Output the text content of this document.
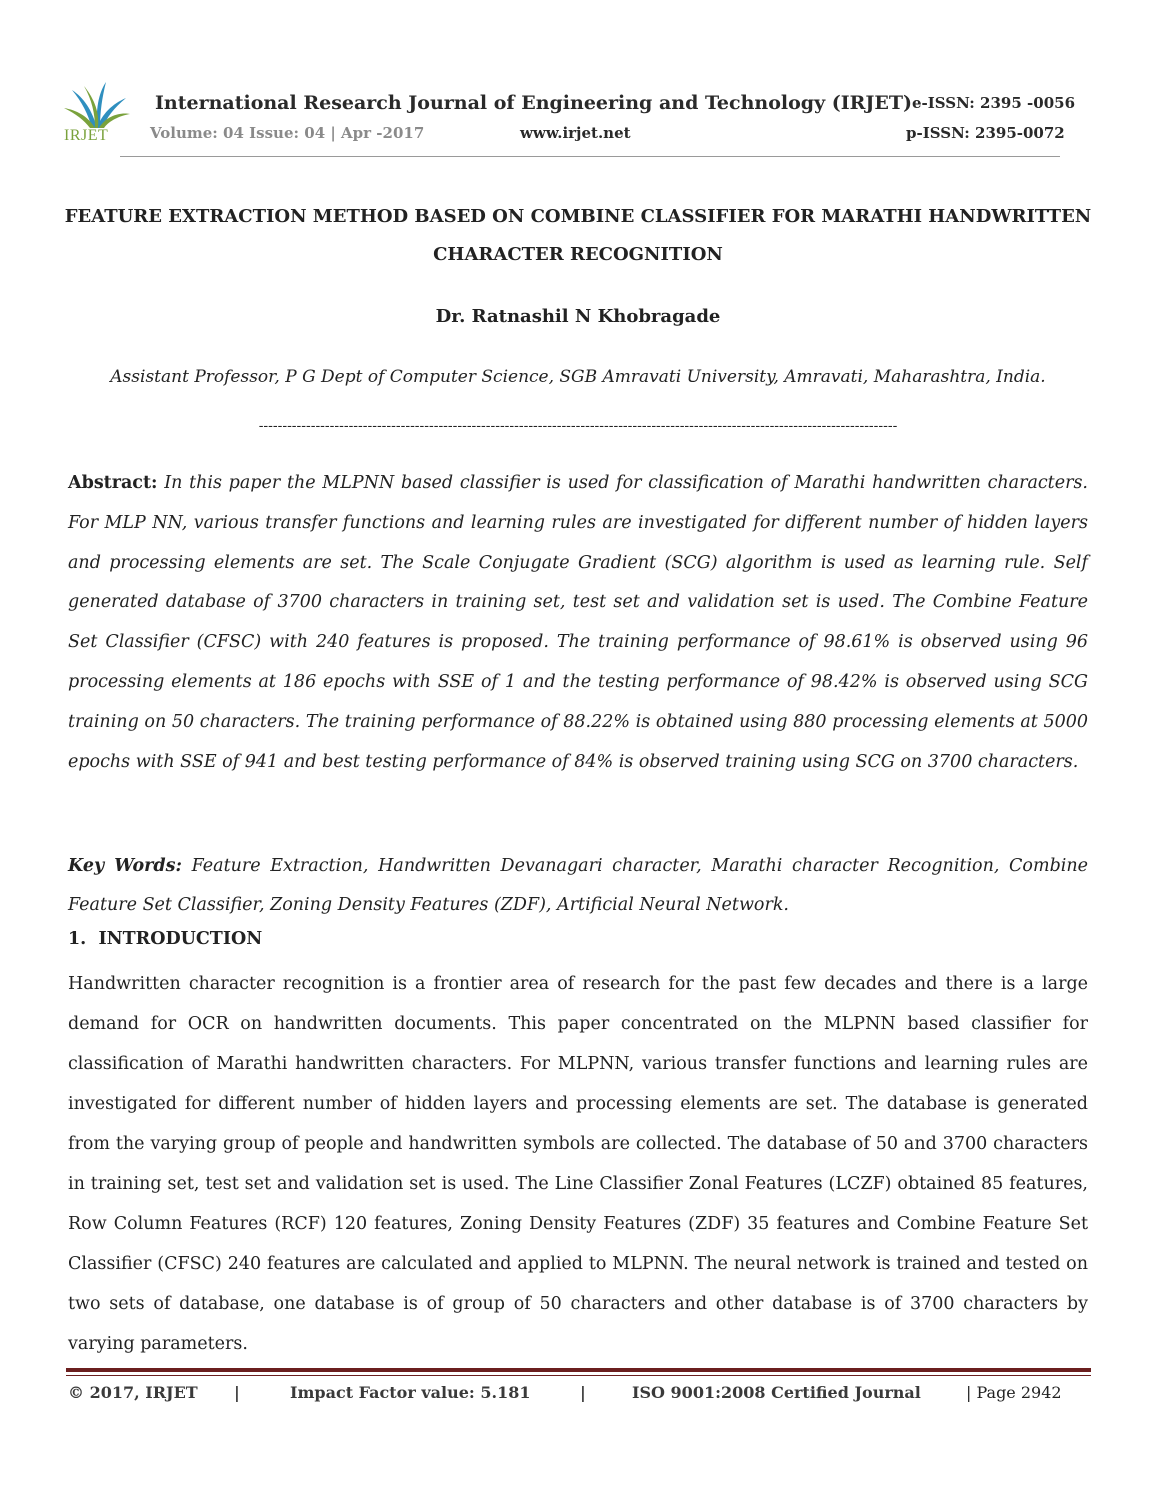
IRJET
International Research Journal of Engineering and Technology (IRJET) e-ISSN: 2395 -0056
Volume: 04 Issue: 04 | Apr -2017	www.irjet.net	p-ISSN: 2395-0072
FEATURE EXTRACTION METHOD BASED ON COMBINE CLASSIFIER FOR MARATHI HANDWRITTEN CHARACTER RECOGNITION
Dr. Ratnashil N Khobragade
Assistant Professor, P G Dept of Computer Science, SGB Amravati University, Amravati, Maharashtra, India.
---------------------------------------------------------------------------------------------------------------------------------------
Abstract: In this paper the MLPNN based classifier is used for classification of Marathi handwritten characters. For MLP NN, various transfer functions and learning rules are investigated for different number of hidden layers and processing elements are set. The Scale Conjugate Gradient (SCG) algorithm is used as learning rule. Self generated database of 3700 characters in training set, test set and validation set is used. The Combine Feature Set Classifier (CFSC) with 240 features is proposed. The training performance of 98.61% is observed using 96 processing elements at 186 epochs with SSE of 1 and the testing performance of 98.42% is observed using SCG training on 50 characters. The training performance of 88.22% is obtained using 880 processing elements at 5000 epochs with SSE of 941 and best testing performance of 84% is observed training using SCG on 3700 characters.
Key Words: Feature Extraction, Handwritten Devanagari character, Marathi character Recognition, Combine Feature Set Classifier, Zoning Density Features (ZDF), Artificial Neural Network.
1.  INTRODUCTION
Handwritten character recognition is a frontier area of research for the past few decades and there is a large demand for OCR on handwritten documents. This paper concentrated on the MLPNN based classifier for classification of Marathi handwritten characters. For MLPNN, various transfer functions and learning rules are investigated for different number of hidden layers and processing elements are set. The database is generated from the varying group of people and handwritten symbols are collected. The database of 50 and 3700 characters in training set, test set and validation set is used. The Line Classifier Zonal Features (LCZF) obtained 85 features, Row Column Features (RCF) 120 features, Zoning Density Features (ZDF) 35 features and Combine Feature Set Classifier (CFSC) 240 features are calculated and applied to MLPNN. The neural network is trained and tested on two sets of database, one database is of group of 50 characters and other database is of 3700 characters by varying parameters.
© 2017, IRJET |	Impact Factor value: 5.181	|	ISO 9001:2008 Certified Journal	| Page 2942
